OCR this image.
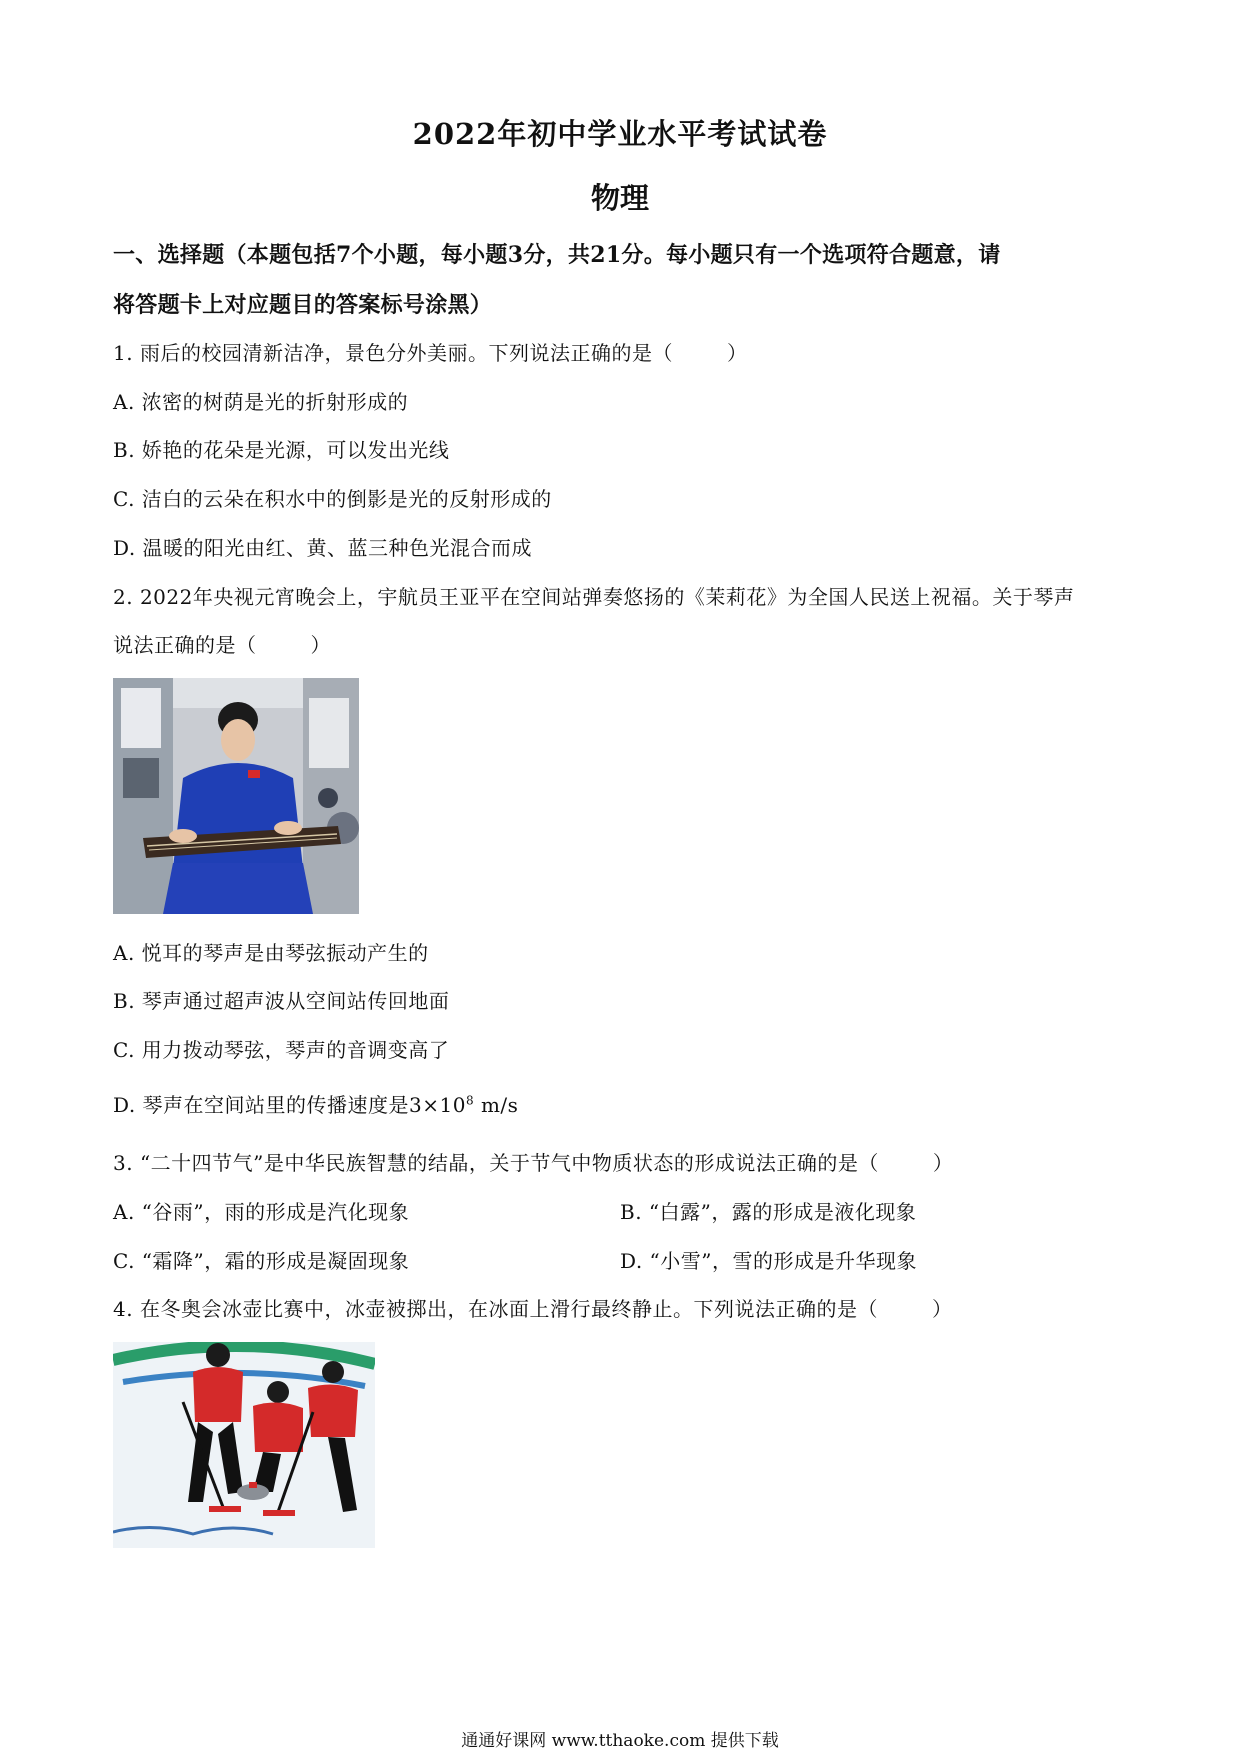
2022年初中学业水平考试试卷
物理
一、选择题（本题包括7个小题，每小题3分，共21分。每小题只有一个选项符合题意，请
将答题卡上对应题目的答案标号涂黑）
1. 雨后的校园清新洁净，景色分外美丽。下列说法正确的是（	）
A. 浓密的树荫是光的折射形成的
B. 娇艳的花朵是光源，可以发出光线
C. 洁白的云朵在积水中的倒影是光的反射形成的
D. 温暖的阳光由红、黄、蓝三种色光混合而成
2. 2022年央视元宵晚会上，宇航员王亚平在空间站弹奏悠扬的《茉莉花》为全国人民送上祝福。关于琴声
说法正确的是（	）
A. 悦耳的琴声是由琴弦振动产生的
B. 琴声通过超声波从空间站传回地面
C. 用力拨动琴弦，琴声的音调变高了
D. 琴声在空间站里的传播速度是$3\times 10^8$ m/s
3. “二十四节气”是中华民族智慧的结晶，关于节气中物质状态的形成说法正确的是（	）
A. “谷雨”，雨的形成是汽化现象	B. “白露”，露的形成是液化现象
C. “霜降”，霜的形成是凝固现象	D. “小雪”，雪的形成是升华现象
4. 在冬奥会冰壶比赛中，冰壶被掷出，在冰面上滑行最终静止。下列说法正确的是（	）
通通好课网 www.tthaoke.com 提供下载
